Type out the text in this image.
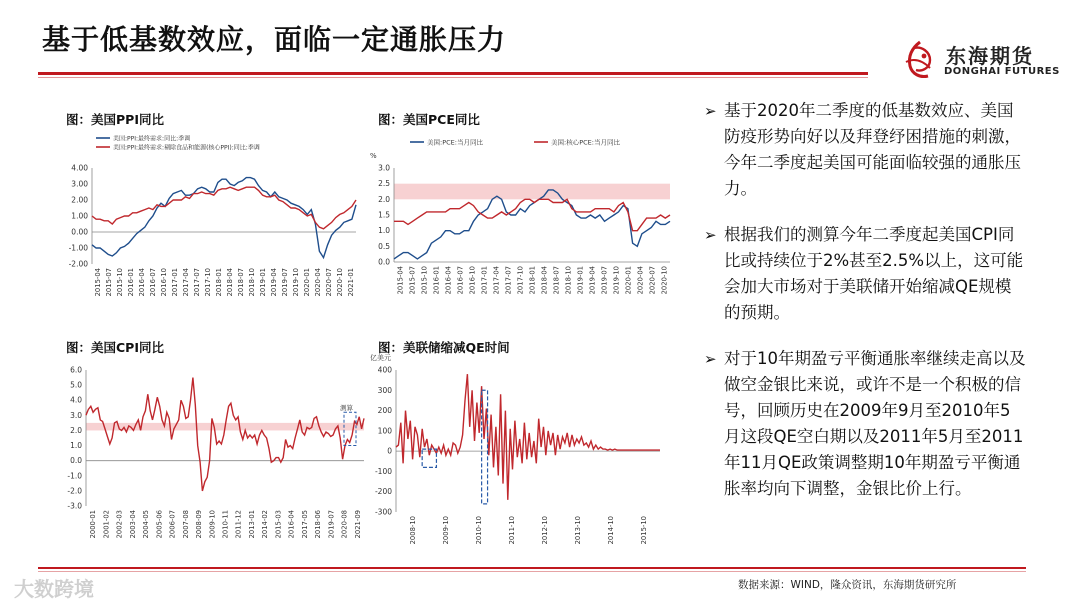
基于低基数效应，面临一定通胀压力	东海期货
DONGHAI FUTURES
图：美国PPI同比
4.00
3.00
2.00
1.00
0.00
-1.00
-2.00
2015-04 2015-07 2015-10 2016-01 2016-04 2016-07 2016-10 2017-01 2017-04 2017-07 2017-10 2018-01 2018-04 2018-07 2018-10 2019-01 2019-04 2019-07 2019-10 2020-01 2020-04 2020-07 2020-10 2021-01
美国:PPI:最终需求:同比:季调
美国:PPI:最终需求:剔除食品和能源(核心PPI):同比:季调
图：美国PCE同比
%
3.0
2.5
2.0
1.5
1.0
0.5
0.0
2015-04 2015-07 2015-10 2016-01 2016-04 2016-07 2016-10 2017-01 2017-04 2017-07 2017-10 2018-01 2018-04 2018-07 2018-10 2019-01 2019-04 2019-07 2019-10 2020-01 2020-04 2020-07 2020-10
美国:PCE:当月同比	美国:核心PCE:当月同比
图：美国CPI同比
6.0
5.0
4.0
3.0
2.0
1.0
0.0
-1.0
-2.0
-3.0
2000-01 2001-02 2002-03 2003-04 2004-05 2005-06 2006-07 2007-08 2008-09 2009-10 2010-11 2011-12 2013-01 2014-02 2015-03 2016-04 2017-05 2018-06 2019-07 2020-08 2021-09
测算
图：美联储缩减QE时间
亿美元
400
300
200
100
0
-100
-200
-300
2008-10	2009-10	2010-10	2011-10	2012-10	2013-10	2014-10	2015-10
➢ 基于2020年二季度的低基数效应、美国防疫形势向好以及拜登纾困措施的刺激，今年二季度起美国可能面临较强的通胀压力。
➢ 根据我们的测算今年二季度起美国CPI同比或持续位于2%甚至2.5%以上，这可能会加大市场对于美联储开始缩减QE规模的预期。
➢ 对于10年期盈亏平衡通胀率继续走高以及做空金银比来说，或许不是一个积极的信号，回顾历史在2009年9月至2010年5月这段QE空白期以及2011年5月至2011年11月QE政策调整期10年期盈亏平衡通胀率均向下调整，金银比价上行。
数据来源：WIND，隆众资讯，东海期货研究所
大数跨境
